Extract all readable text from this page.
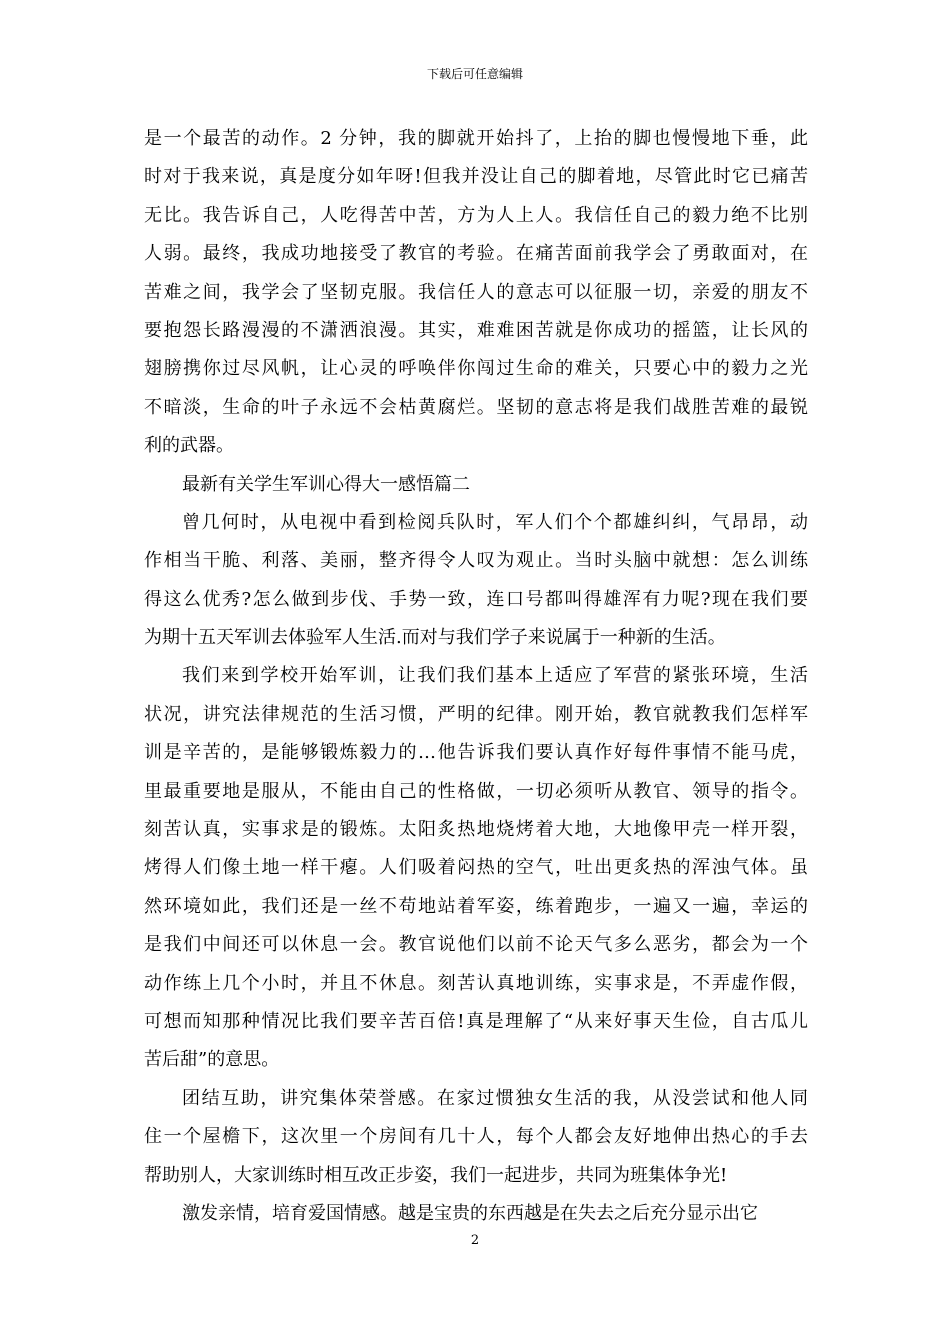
下载后可任意编辑
是一个最苦的动作。2 分钟，我的脚就开始抖了，上抬的脚也慢慢地下垂，此
时对于我来说，真是度分如年呀!但我并没让自己的脚着地，尽管此时它已痛苦
无比。我告诉自己，人吃得苦中苦，方为人上人。我信任自己的毅力绝不比别
人弱。最终，我成功地接受了教官的考验。在痛苦面前我学会了勇敢面对，在
苦难之间，我学会了坚韧克服。我信任人的意志可以征服一切，亲爱的朋友不
要抱怨长路漫漫的不潇洒浪漫。其实，难难困苦就是你成功的摇篮，让长风的
翅膀携你过尽风帆，让心灵的呼唤伴你闯过生命的难关，只要心中的毅力之光
不暗淡，生命的叶子永远不会枯黄腐烂。坚韧的意志将是我们战胜苦难的最锐
利的武器。
最新有关学生军训心得大一感悟篇二
曾几何时，从电视中看到检阅兵队时，军人们个个都雄纠纠，气昂昂，动
作相当干脆、利落、美丽，整齐得令人叹为观止。当时头脑中就想：怎么训练
得这么优秀?怎么做到步伐、手势一致，连口号都叫得雄浑有力呢?现在我们要
为期十五天军训去体验军人生活.而对与我们学子来说属于一种新的生活。
我们来到学校开始军训，让我们我们基本上适应了军营的紧张环境，生活
状况，讲究法律规范的生活习惯，严明的纪律。刚开始，教官就教我们怎样军
训是辛苦的，是能够锻炼毅力的…他告诉我们要认真作好每件事情不能马虎，
里最重要地是服从，不能由自己的性格做，一切必须听从教官、领导的指令。
刻苦认真，实事求是的锻炼。太阳炙热地烧烤着大地，大地像甲壳一样开裂，
烤得人们像土地一样干瘪。人们吸着闷热的空气，吐出更炙热的浑浊气体。虽
然环境如此，我们还是一丝不苟地站着军姿，练着跑步，一遍又一遍，幸运的
是我们中间还可以休息一会。教官说他们以前不论天气多么恶劣，都会为一个
动作练上几个小时，并且不休息。刻苦认真地训练，实事求是，不弄虚作假，
可想而知那种情况比我们要辛苦百倍!真是理解了“从来好事天生俭，自古瓜儿
苦后甜”的意思。
团结互助，讲究集体荣誉感。在家过惯独女生活的我，从没尝试和他人同
住一个屋檐下，这次里一个房间有几十人，每个人都会友好地伸出热心的手去
帮助别人，大家训练时相互改正步姿，我们一起进步，共同为班集体争光!
激发亲情，培育爱国情感。越是宝贵的东西越是在失去之后充分显示出它
2
